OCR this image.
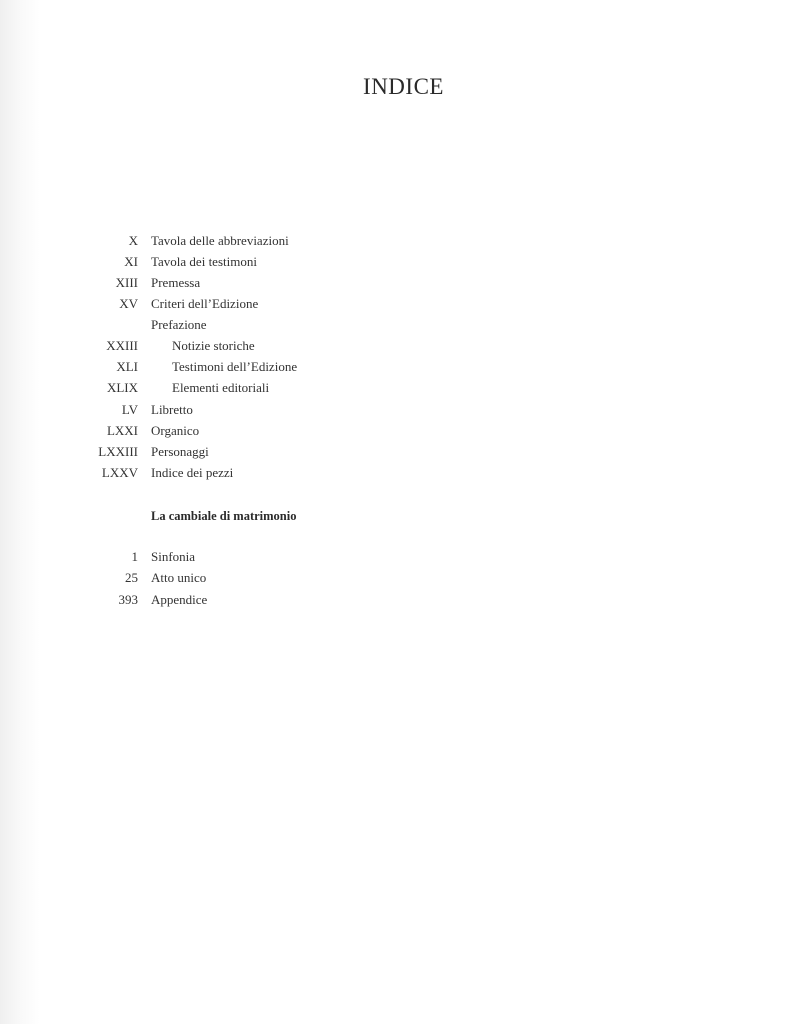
INDICE
X Tavola delle abbreviazioni
XI Tavola dei testimoni
XIII Premessa
XV Criteri dell’Edizione
Prefazione
XXIII	Notizie storiche
XLI	Testimoni dell’Edizione
XLIX	Elementi editoriali
LV Libretto
LXXI Organico
LXXIII Personaggi
LXXV Indice dei pezzi
La cambiale di matrimonio
1 Sinfonia
25 Atto unico
393 Appendice
